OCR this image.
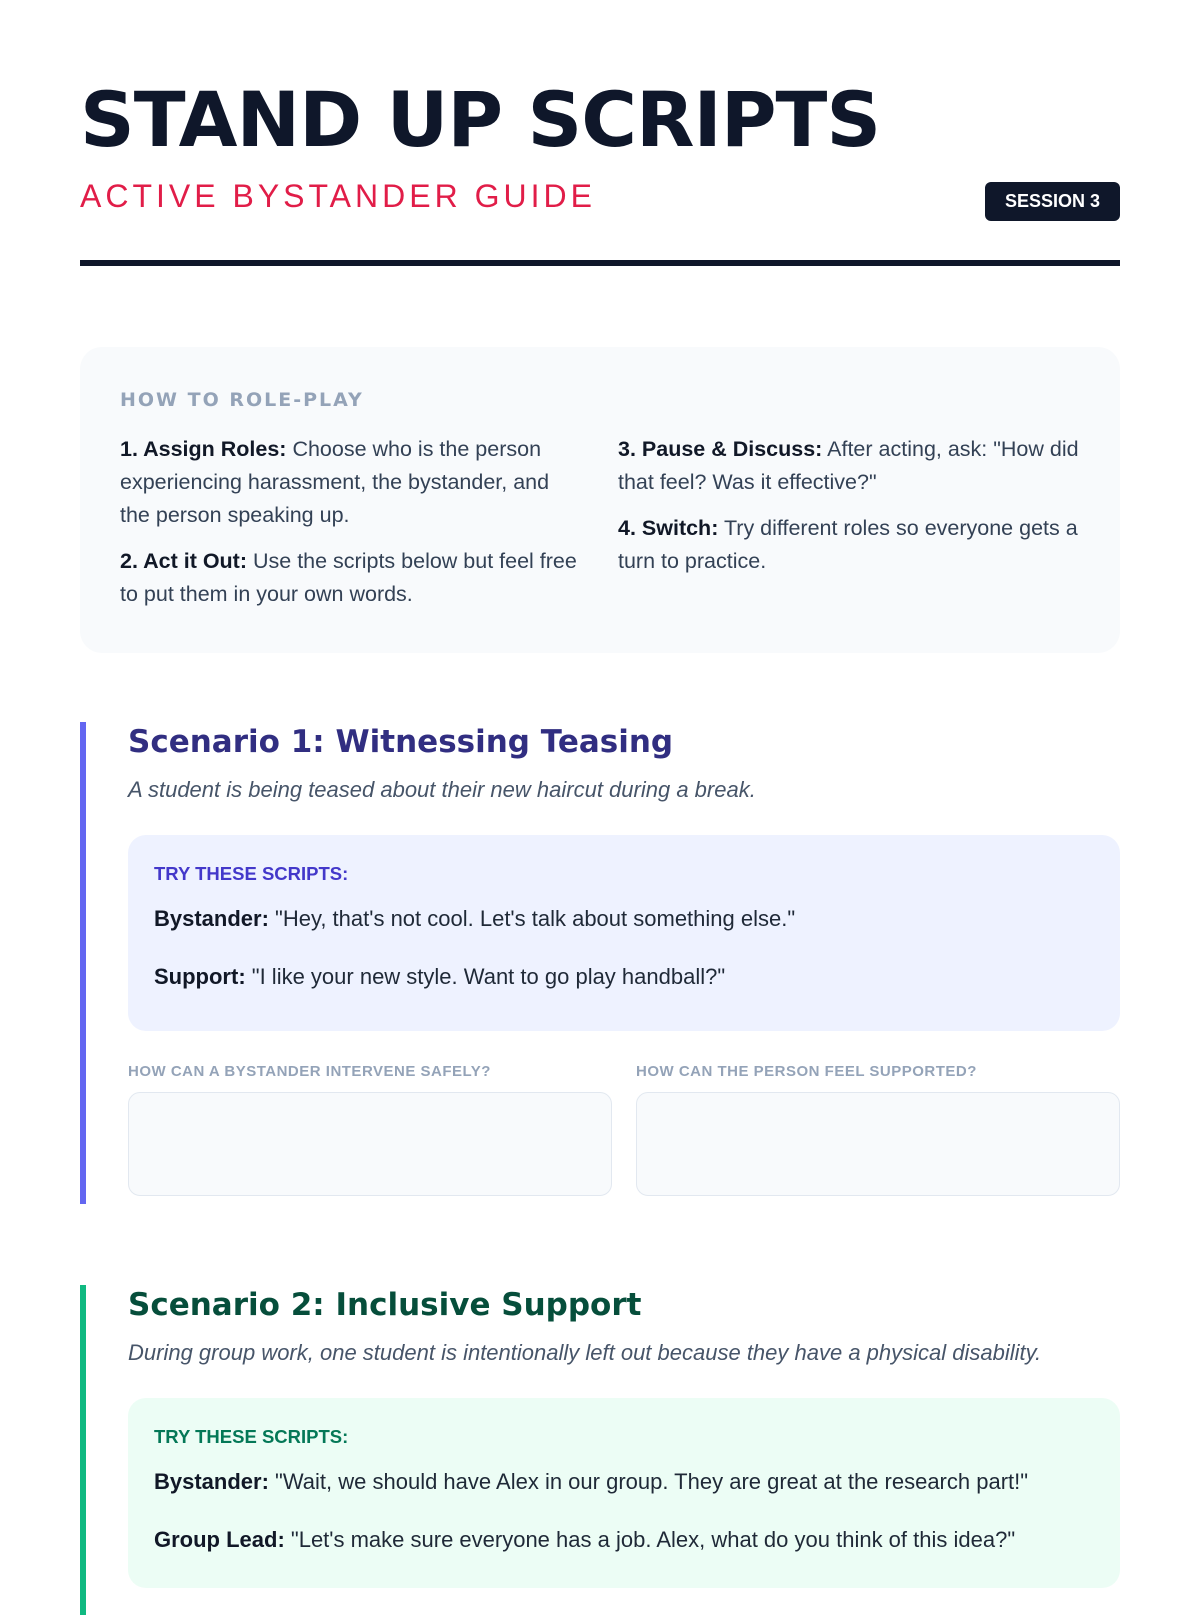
STAND UP SCRIPTS
ACTIVE BYSTANDER GUIDE	SESSION 3
HOW TO ROLE-PLAY

1. Assign Roles: Choose who is the person experiencing harassment, the bystander, and the person speaking up.

2. Act it Out: Use the scripts below but feel free to put them in your own words.

3. Pause & Discuss: After acting, ask: "How did that feel? Was it effective?"

4. Switch: Try different roles so everyone gets a turn to practice.

Scenario 1: Witnessing Teasing

A student is being teased about their new haircut during a break.

TRY THESE SCRIPTS:

Bystander: "Hey, that's not cool. Let's talk about something else."

Support: "I like your new style. Want to go play handball?"

HOW CAN A BYSTANDER INTERVENE SAFELY?	HOW CAN THE PERSON FEEL SUPPORTED?
Scenario 2: Inclusive Support

During group work, one student is intentionally left out because they have a physical disability.

TRY THESE SCRIPTS:

Bystander: "Wait, we should have Alex in our group. They are great at the research part!"

Group Lead: "Let's make sure everyone has a job. Alex, what do you think of this idea?"
